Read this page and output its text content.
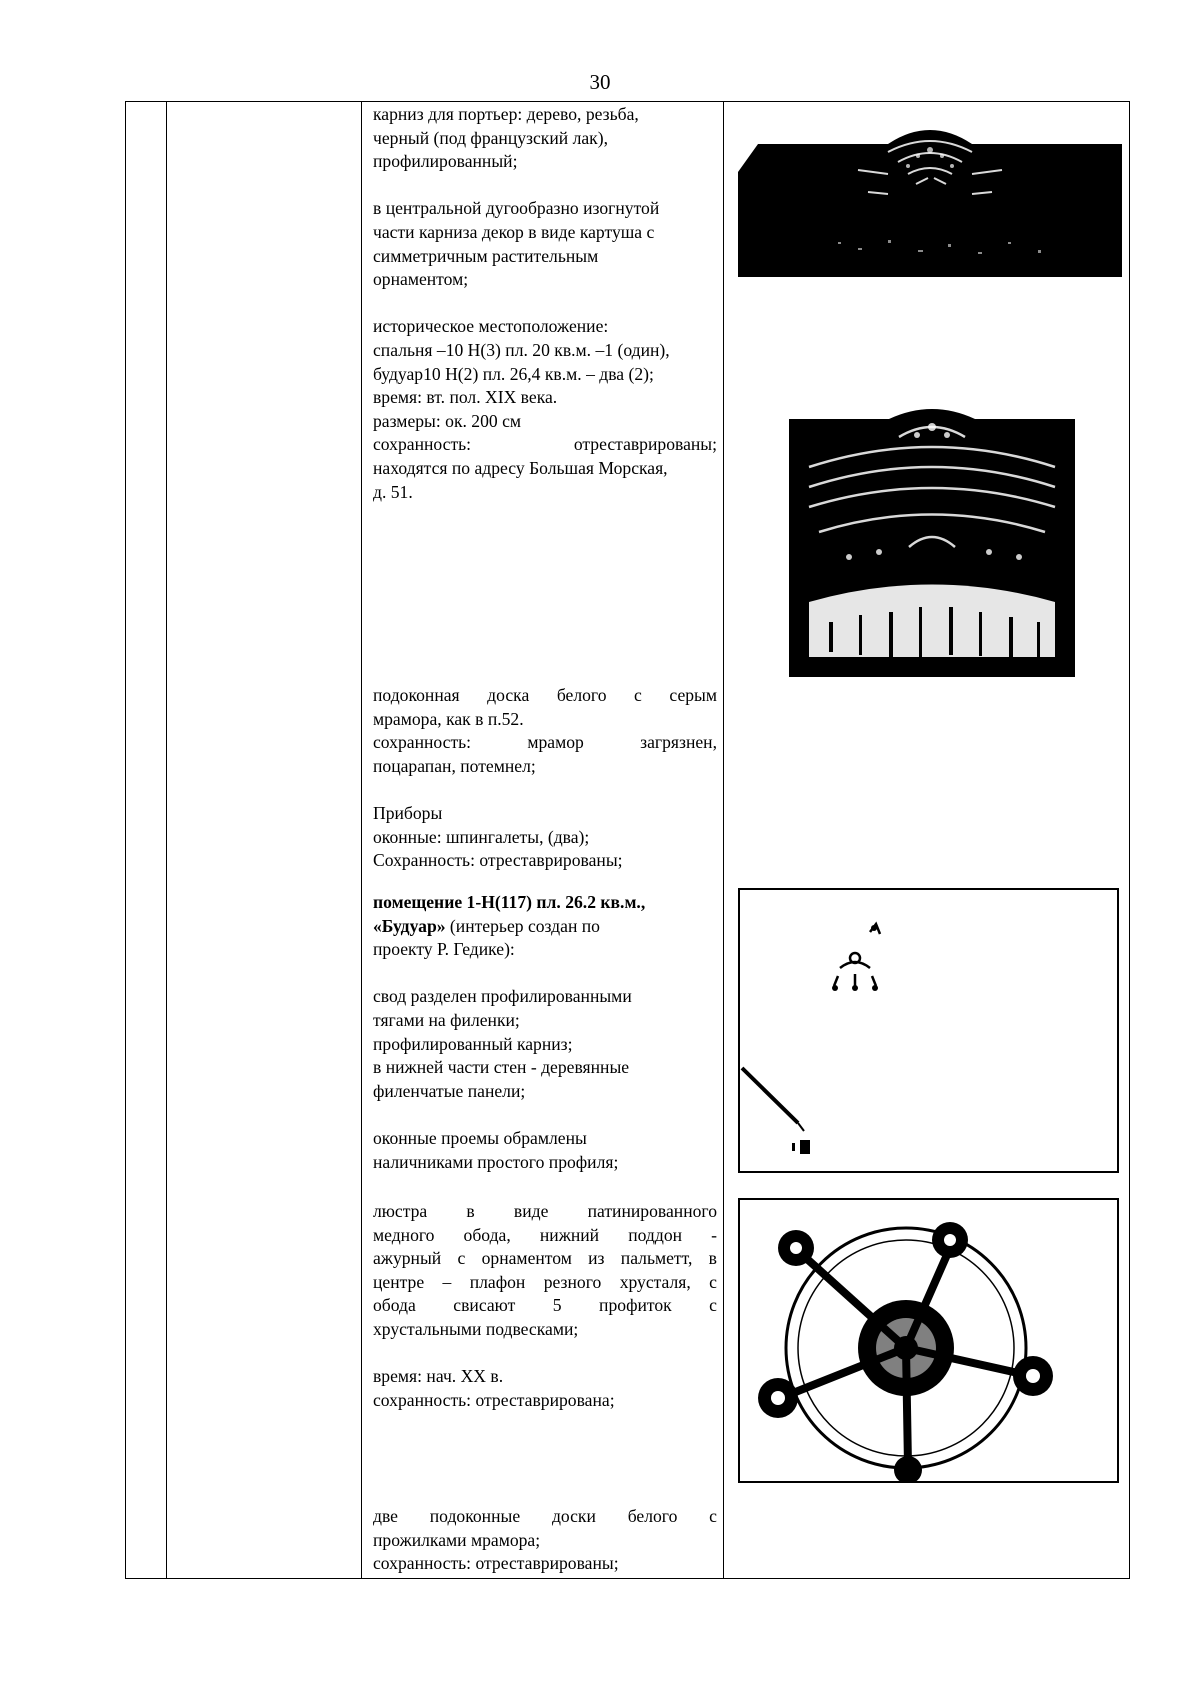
30
карниз для портьер: дерево, резьба,
черный (под французский лак),
профилированный;
в центральной дугообразно изогнутой
части карниза декор в виде картуша с
симметричным растительным
орнаментом;
историческое местоположение:
спальня –10 Н(3) пл. 20 кв.м. –1 (один),
будуар10 Н(2) пл. 26,4 кв.м. – два (2);
время: вт. пол. XIX века.
размеры: ок. 200 см
сохранность:	отреставрированы;
находятся по адресу Большая Морская,
д. 51.
подоконная доска белого с серым
мрамора, как в п.52.
сохранность:	мрамор	загрязнен,
поцарапан, потемнел;
Приборы
оконные: шпингалеты, (два);
Сохранность: отреставрированы;
помещение 1-Н(117) пл. 26.2 кв.м.,
«Будуар» (интерьер создан по
проекту Р. Гедике):
свод разделен профилированными
тягами на филенки;
профилированный карниз;
в нижней части стен - деревянные
филенчатые панели;
оконные проемы обрамлены
наличниками простого профиля;
люстра в виде патинированного
медного обода, нижний поддон -
ажурный с орнаментом из пальметт, в
центре – плафон резного хрусталя, с
обода свисают 5 профиток с
хрустальными подвесками;
время: нач. XX в.
сохранность: отреставрирована;
две подоконные доски белого с
прожилками мрамора;
сохранность: отреставрированы;
